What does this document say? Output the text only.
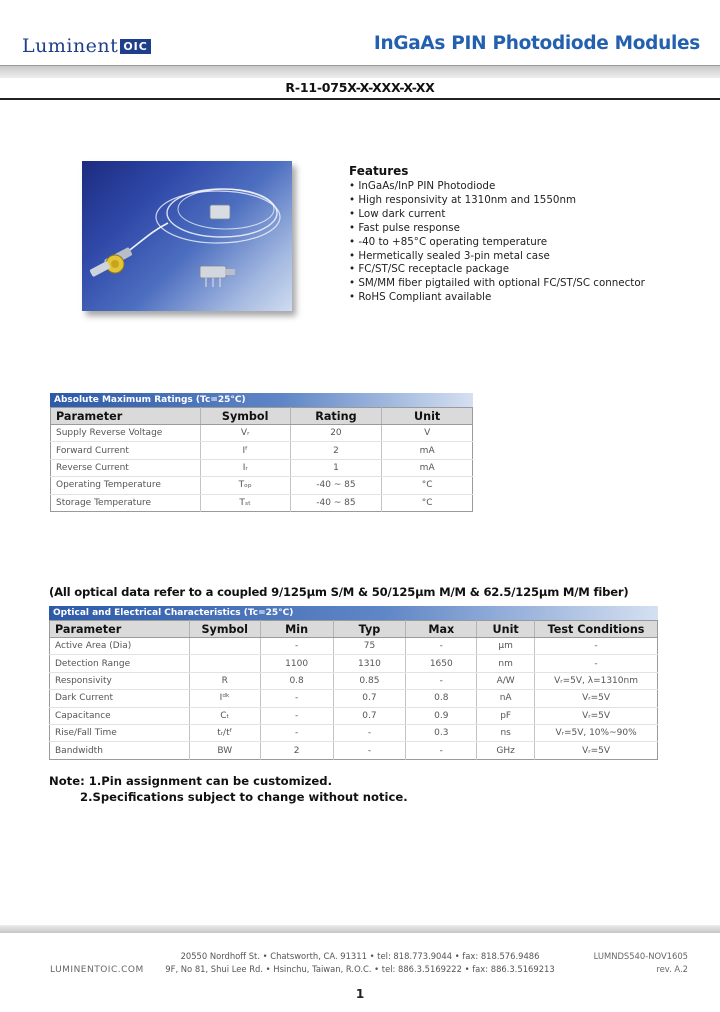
Luminent OIC	InGaAs PIN Photodiode Modules
R-11-075X-X-XXX-X-XX
Features
• InGaAs/InP PIN Photodiode
• High responsivity at 1310nm and 1550nm
• Low dark current
• Fast pulse response
• -40 to +85°C operating temperature
• Hermetically sealed 3-pin metal case
• FC/ST/SC receptacle package
• SM/MM fiber pigtailed with optional FC/ST/SC connector
• RoHS Compliant available
Absolute Maximum Ratings (Tc=25°C)
Parameter	Symbol	Rating	Unit
Supply Reverse Voltage	Vᵣ	20	V
Forward Current	Iᶠ	2	mA
Reverse Current	Iᵣ	1	mA
Operating Temperature	Tₒₚ	-40 ~ 85	°C
Storage Temperature	Tₛₜ	-40 ~ 85	°C
(All optical data refer to a coupled 9/125µm S/M & 50/125µm M/M & 62.5/125µm M/M fiber)
Optical and Electrical Characteristics (Tc=25°C)
Parameter	Symbol	Min	Typ	Max	Unit	Test Conditions
Active Area (Dia)		-	75	-	µm	-
Detection Range		1100	1310	1650	nm	-
Responsivity	R	0.8	0.85	-	A/W	Vᵣ=5V, λ=1310nm
Dark Current	Iᵈᵏ	-	0.7	0.8	nA	Vᵣ=5V
Capacitance	Cₜ	-	0.7	0.9	pF	Vᵣ=5V
Rise/Fall Time	tᵣ/tᶠ	-	-	0.3	ns	Vᵣ=5V, 10%~90%
Bandwidth	BW	2	-	-	GHz	Vᵣ=5V
Note: 1.Pin assignment can be customized.
2.Specifications subject to change without notice.
LUMINENTOIC.COM
20550 Nordhoff St. • Chatsworth, CA. 91311 • tel: 818.773.9044 • fax: 818.576.9486
9F, No 81, Shui Lee Rd. • Hsinchu, Taiwan, R.O.C. • tel: 886.3.5169222 • fax: 886.3.5169213
LUMNDS540-NOV1605
rev. A.2
1
